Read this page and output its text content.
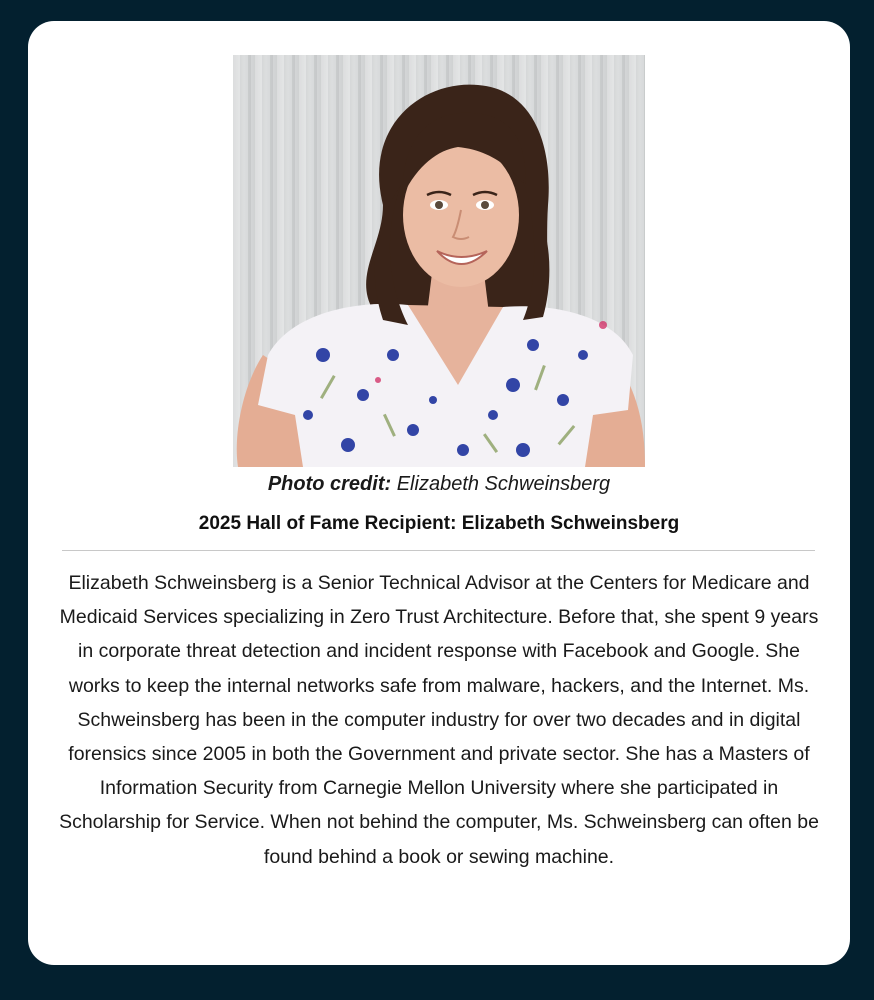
Photo credit: Elizabeth Schweinsberg
2025 Hall of Fame Recipient: Elizabeth Schweinsberg
Elizabeth Schweinsberg is a Senior Technical Advisor at the Centers for Medicare and Medicaid Services specializing in Zero Trust Architecture. Before that, she spent 9 years in corporate threat detection and incident response with Facebook and Google. She works to keep the internal networks safe from malware, hackers, and the Internet. Ms. Schweinsberg has been in the computer industry for over two decades and in digital forensics since 2005 in both the Government and private sector. She has a Masters of Information Security from Carnegie Mellon University where she participated in Scholarship for Service. When not behind the computer, Ms. Schweinsberg can often be found behind a book or sewing machine.
